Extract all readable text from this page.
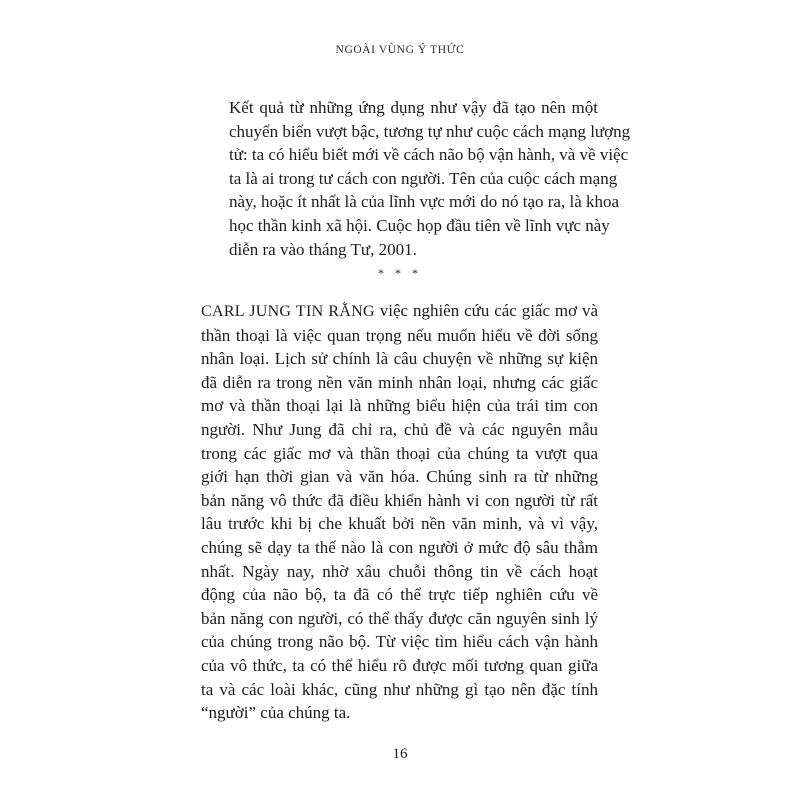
NGOÀI VÙNG Ý THỨC

Kết quả từ những ứng dụng như vậy đã tạo nên một
chuyển biến vượt bậc, tương tự như cuộc cách mạng lượng
tử: ta có hiểu biết mới về cách não bộ vận hành, và về việc
ta là ai trong tư cách con người. Tên của cuộc cách mạng
này, hoặc ít nhất là của lĩnh vực mới do nó tạo ra, là khoa
học thần kinh xã hội. Cuộc họp đầu tiên về lĩnh vực này
diễn ra vào tháng Tư, 2001.

* * *

CARL JUNG TIN RẰNG việc nghiên cứu các giấc mơ và
thần thoại là việc quan trọng nếu muốn hiểu về đời sống
nhân loại. Lịch sử chính là câu chuyện về những sự kiện
đã diễn ra trong nền văn minh nhân loại, nhưng các giấc
mơ và thần thoại lại là những biểu hiện của trái tim con
người. Như Jung đã chỉ ra, chủ đề và các nguyên mẫu
trong các giấc mơ và thần thoại của chúng ta vượt qua
giới hạn thời gian và văn hóa. Chúng sinh ra từ những
bản năng vô thức đã điều khiển hành vi con người từ rất
lâu trước khi bị che khuất bởi nền văn minh, và vì vậy,
chúng sẽ dạy ta thế nào là con người ở mức độ sâu thẳm
nhất. Ngày nay, nhờ xâu chuỗi thông tin về cách hoạt
động của não bộ, ta đã có thể trực tiếp nghiên cứu về
bản năng con người, có thể thấy được căn nguyên sinh lý
của chúng trong não bộ. Từ việc tìm hiểu cách vận hành
của vô thức, ta có thể hiểu rõ được mối tương quan giữa
ta và các loài khác, cũng như những gì tạo nên đặc tính
“người” của chúng ta.

16
